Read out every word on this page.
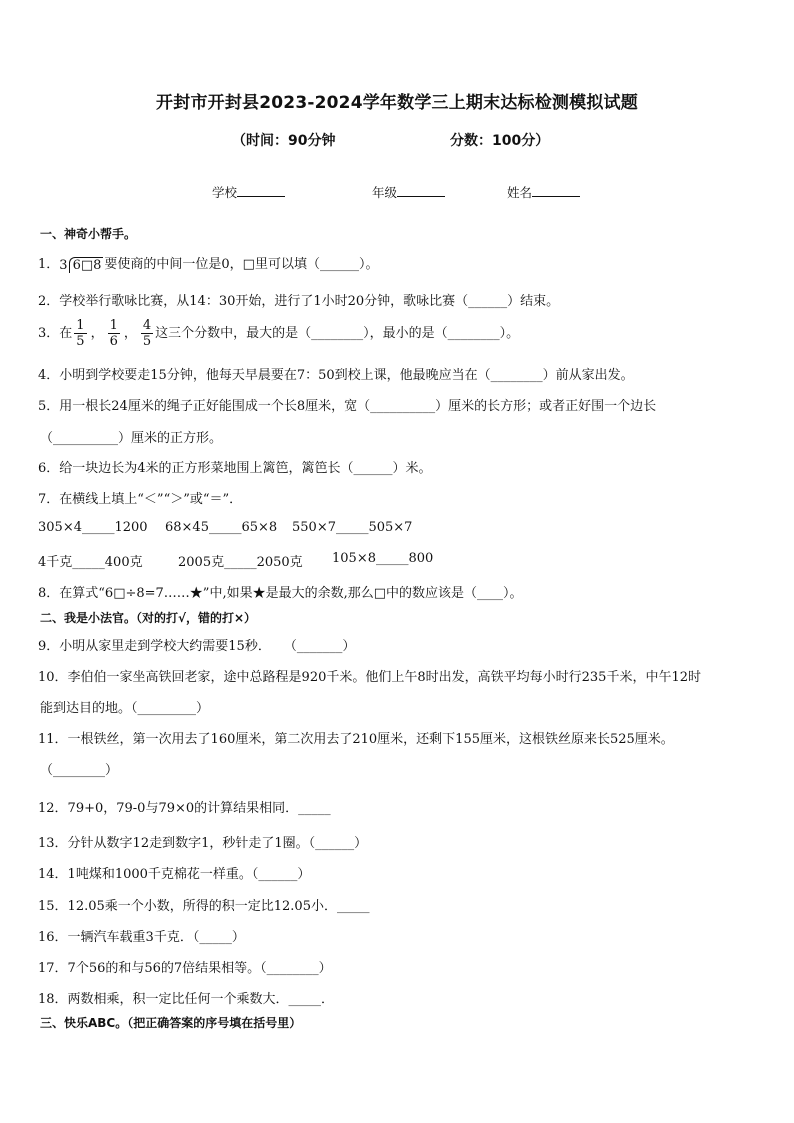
开封市开封县2023-2024学年数学三上期末达标检测模拟试题
（时间：90分钟	分数：100分）
学校	年级	姓名
一、神奇小帮手。
1．3 6□8 要使商的中间一位是0，□里可以填（______）。
2．学校举行歌咏比赛，从14：30开始，进行了1小时20分钟，歌咏比赛（______）结束。
3．在 $\frac{1}{5}$ ， $\frac{1}{6}$ ， $\frac{4}{5}$ 这三个分数中，最大的是（________），最小的是（________）。
4．小明到学校要走15分钟，他每天早晨要在7：50到校上课，他最晚应当在（________）前从家出发。
5．用一根长24厘米的绳子正好能围成一个长8厘米，宽（__________）厘米的长方形；或者正好围一个边长
（__________）厘米的正方形。
6．给一块边长为4米的正方形菜地围上篱笆，篱笆长（______）米。
7．在横线上填上“＜”“＞”或“＝”．
305×4_____1200 68×45_____65×8 550×7_____505×7
4千克_____400克	2005克_____2050克 105×8_____800
8．在算式“6□÷8=7……★”中,如果★是最大的余数,那么□中的数应该是（____）。
二、我是小法官。（对的打√，错的打×）
9．小明从家里走到学校大约需要15秒．　　（_______）
10．李伯伯一家坐高铁回老家，途中总路程是920千米。他们上午8时出发，高铁平均每小时行235千米，中午12时
能到达目的地。（_________）
11．一根铁丝，第一次用去了160厘米，第二次用去了210厘米，还剩下155厘米，这根铁丝原来长525厘米。
（________）
12．79+0，79-0与79×0的计算结果相同．_____
13．分针从数字12走到数字1，秒针走了1圈。（______）
14．1吨煤和1000千克棉花一样重。（______）
15．12.05乘一个小数，所得的积一定比12.05小．_____
16．一辆汽车载重3千克．（_____）
17．7个56的和与56的7倍结果相等。（________）
18．两数相乘，积一定比任何一个乘数大．_____．
三、快乐ABC。（把正确答案的序号填在括号里）
